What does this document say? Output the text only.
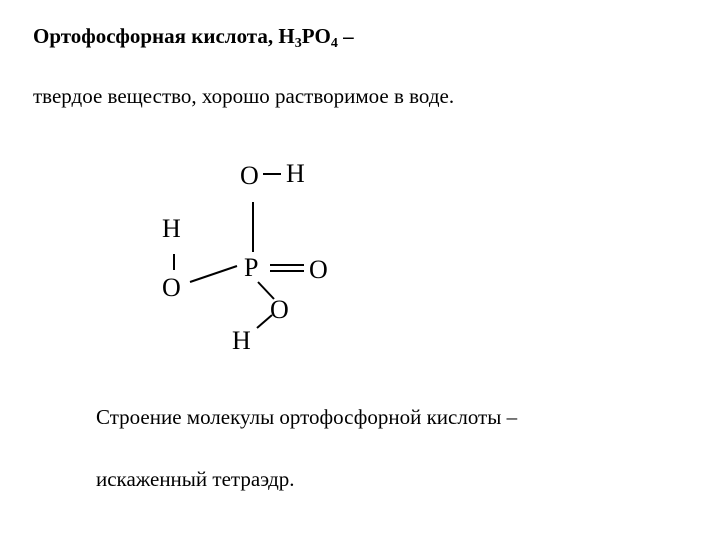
Ортофосфорная кислота, $H_3PO_4$ –
твердое вещество, хорошо растворимое в воде.
O H
H
O
P O
O
H
Строение молекулы ортофосфорной кислоты –
искаженный тетраэдр.
